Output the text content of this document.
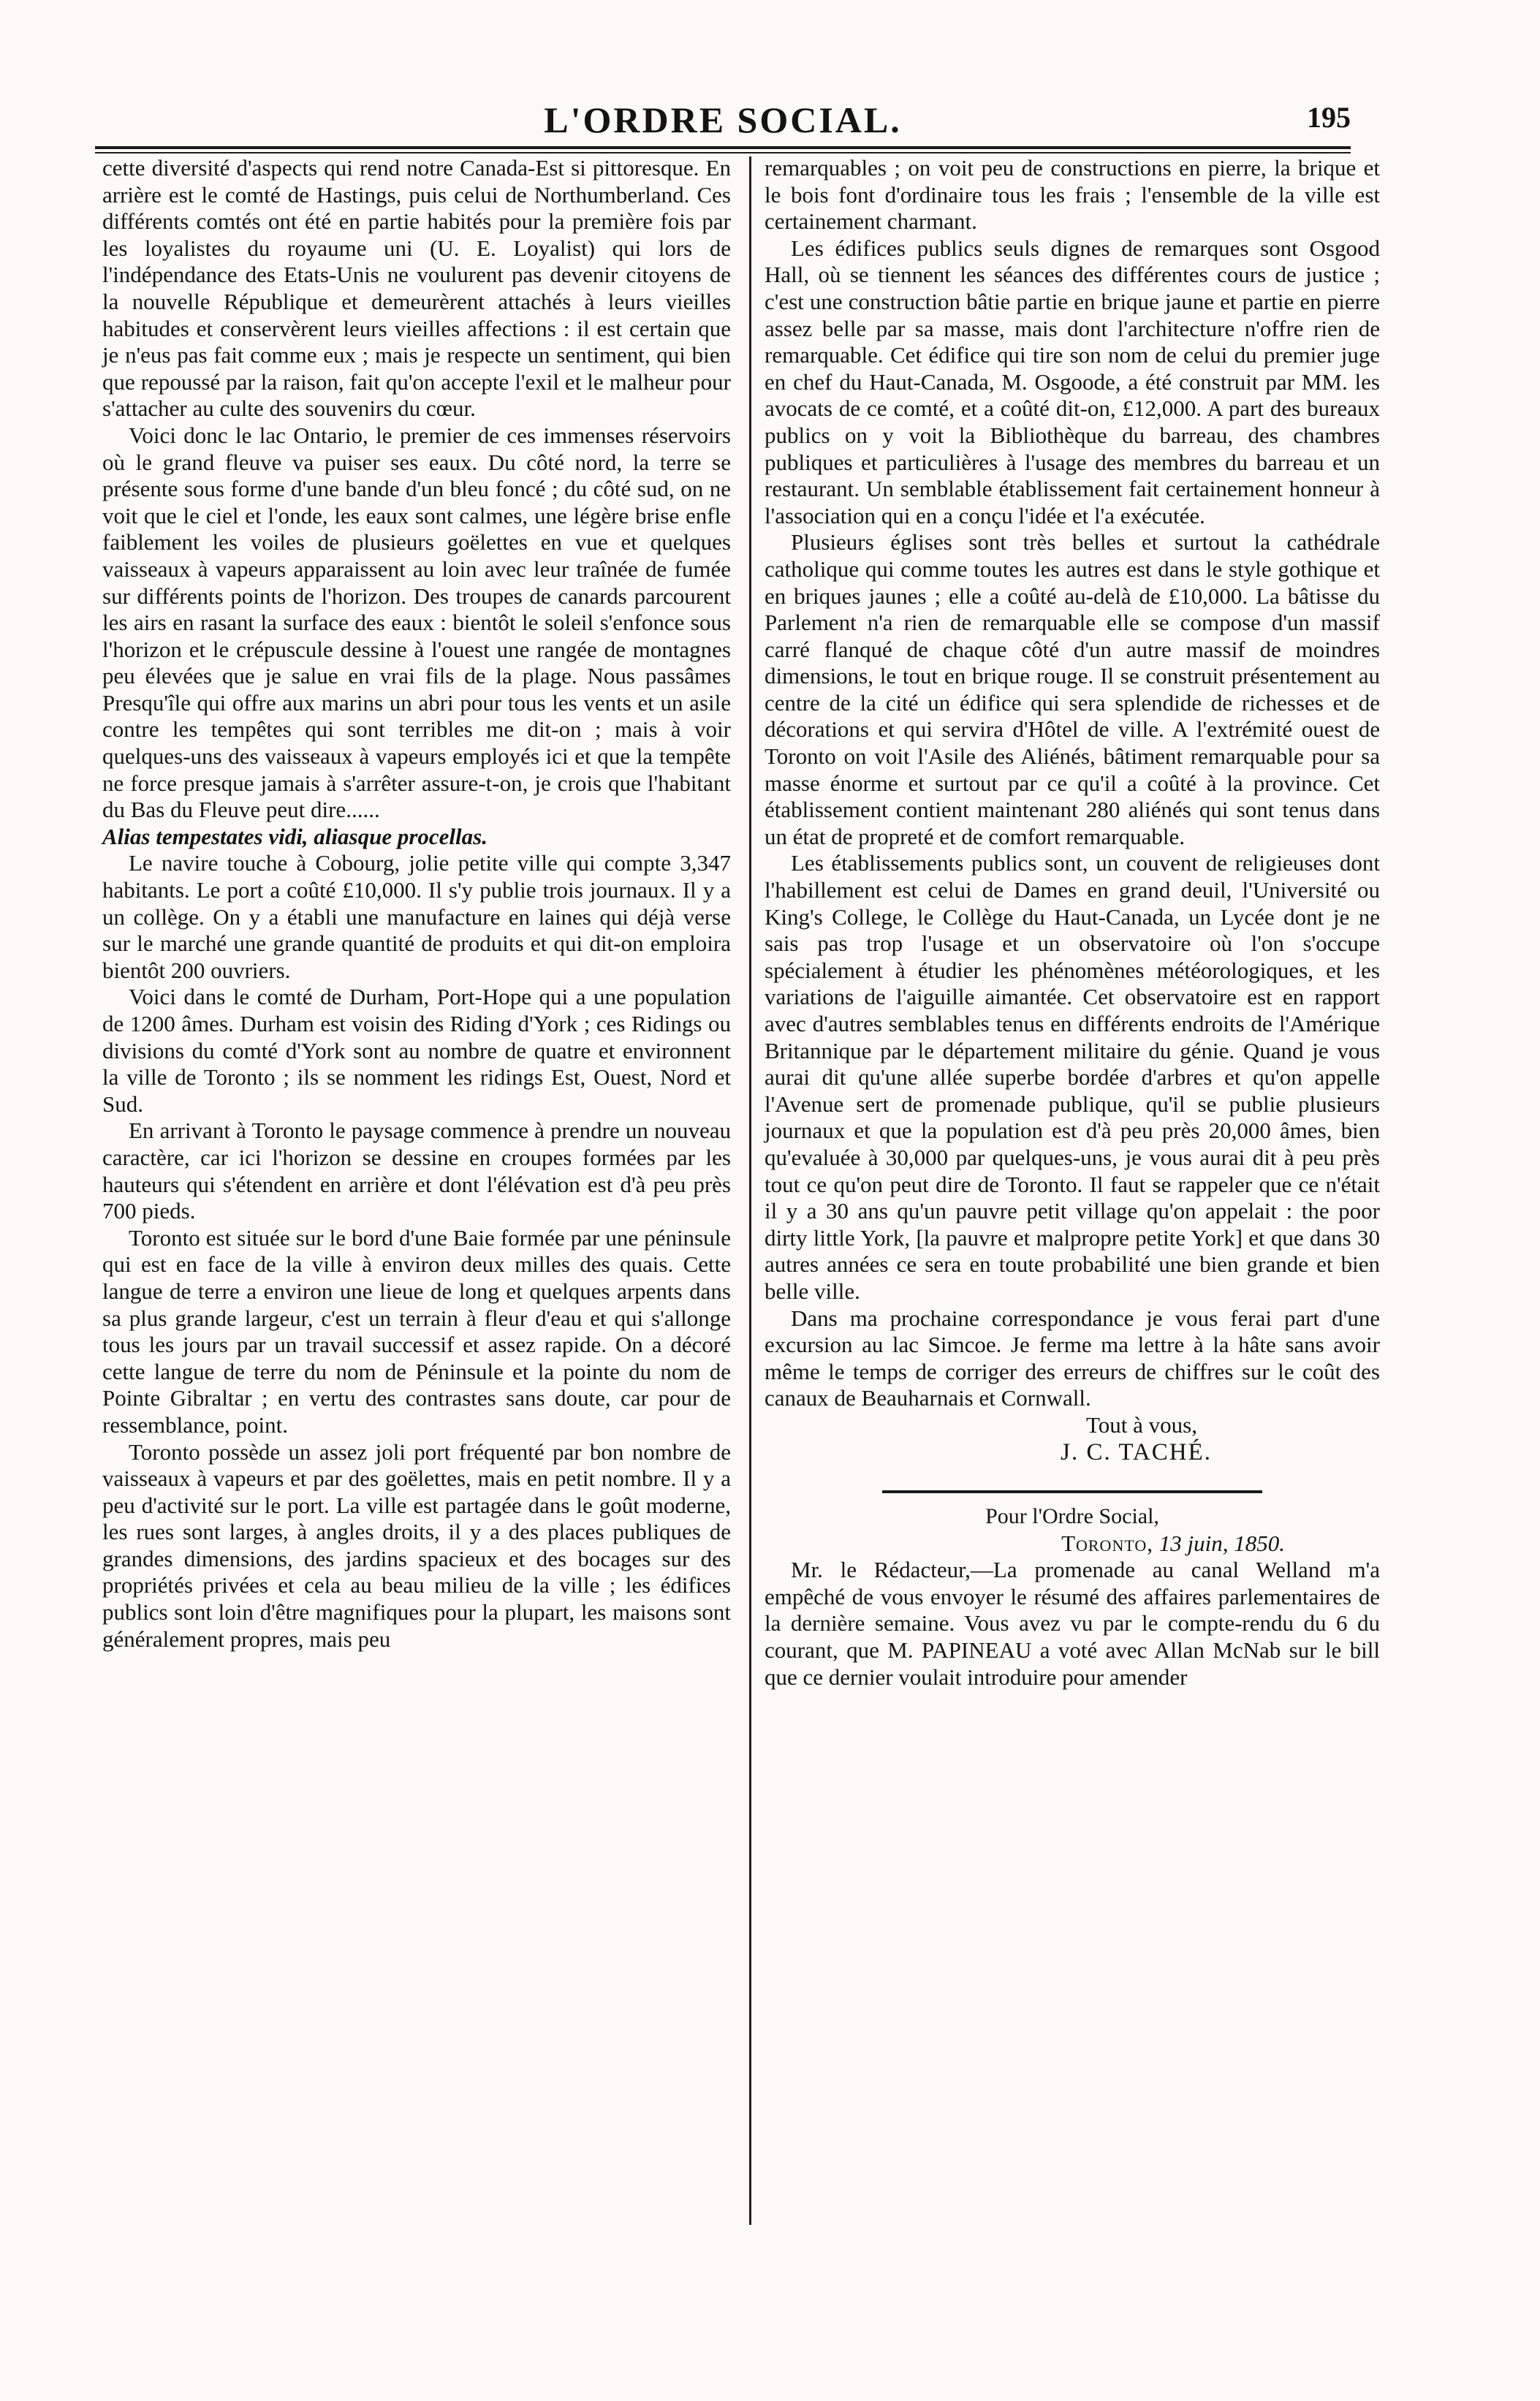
L'ORDRE SOCIAL.	195

cette diversité d'aspects qui rend notre Canada-Est si pittoresque. En arrière est le comté de Hastings, puis celui de Northumberland. Ces différents comtés ont été en partie habités pour la première fois par les loyalistes du royaume uni (U. E. Loyalist) qui lors de l'indépendance des Etats-Unis ne voulurent pas devenir citoyens de la nouvelle République et demeurèrent attachés à leurs vieilles habitudes et conservèrent leurs vieilles affections : il est certain que je n'eus pas fait comme eux ; mais je respecte un sentiment, qui bien que repoussé par la raison, fait qu'on accepte l'exil et le malheur pour s'attacher au culte des souvenirs du cœur.

Voici donc le lac Ontario, le premier de ces immenses réservoirs où le grand fleuve va puiser ses eaux. Du côté nord, la terre se présente sous forme d'une bande d'un bleu foncé ; du côté sud, on ne voit que le ciel et l'onde, les eaux sont calmes, une légère brise enfle faiblement les voiles de plusieurs goëlettes en vue et quelques vaisseaux à vapeurs apparaissent au loin avec leur traînée de fumée sur différents points de l'horizon. Des troupes de canards parcourent les airs en rasant la surface des eaux : bientôt le soleil s'enfonce sous l'horizon et le crépuscule dessine à l'ouest une rangée de montagnes peu élevées que je salue en vrai fils de la plage. Nous passâmes Presqu'île qui offre aux marins un abri pour tous les vents et un asile contre les tempêtes qui sont terribles me dit-on ; mais à voir quelques-uns des vaisseaux à vapeurs employés ici et que la tempête ne force presque jamais à s'arrêter assure-t-on, je crois que l'habitant du Bas du Fleuve peut dire......

Alias tempestates vidi, aliasque procellas.

Le navire touche à Cobourg, jolie petite ville qui compte 3,347 habitants. Le port a coûté £10,000. Il s'y publie trois journaux. Il y a un collège. On y a établi une manufacture en laines qui déjà verse sur le marché une grande quantité de produits et qui dit-on emploira bientôt 200 ouvriers.

Voici dans le comté de Durham, Port-Hope qui a une population de 1200 âmes. Durham est voisin des Riding d'York ; ces Ridings ou divisions du comté d'York sont au nombre de quatre et environnent la ville de Toronto ; ils se nomment les ridings Est, Ouest, Nord et Sud.

En arrivant à Toronto le paysage commence à prendre un nouveau caractère, car ici l'horizon se dessine en croupes formées par les hauteurs qui s'étendent en arrière et dont l'élévation est d'à peu près 700 pieds.

Toronto est située sur le bord d'une Baie formée par une péninsule qui est en face de la ville à environ deux milles des quais. Cette langue de terre a environ une lieue de long et quelques arpents dans sa plus grande largeur, c'est un terrain à fleur d'eau et qui s'allonge tous les jours par un travail successif et assez rapide. On a décoré cette langue de terre du nom de Péninsule et la pointe du nom de Pointe Gibraltar ; en vertu des contrastes sans doute, car pour de ressemblance, point.

Toronto possède un assez joli port fréquenté par bon nombre de vaisseaux à vapeurs et par des goëlettes, mais en petit nombre. Il y a peu d'activité sur le port. La ville est partagée dans le goût moderne, les rues sont larges, à angles droits, il y a des places publiques de grandes dimensions, des jardins spacieux et des bocages sur des propriétés privées et cela au beau milieu de la ville ; les édifices publics sont loin d'être magnifiques pour la plupart, les maisons sont généralement propres, mais peu

remarquables ; on voit peu de constructions en pierre, la brique et le bois font d'ordinaire tous les frais ; l'ensemble de la ville est certainement charmant.

Les édifices publics seuls dignes de remarques sont Osgood Hall, où se tiennent les séances des différentes cours de justice ; c'est une construction bâtie partie en brique jaune et partie en pierre assez belle par sa masse, mais dont l'architecture n'offre rien de remarquable. Cet édifice qui tire son nom de celui du premier juge en chef du Haut-Canada, M. Osgoode, a été construit par MM. les avocats de ce comté, et a coûté dit-on, £12,000. A part des bureaux publics on y voit la Bibliothèque du barreau, des chambres publiques et particulières à l'usage des membres du barreau et un restaurant. Un semblable établissement fait certainement honneur à l'association qui en a conçu l'idée et l'a exécutée.

Plusieurs églises sont très belles et surtout la cathédrale catholique qui comme toutes les autres est dans le style gothique et en briques jaunes ; elle a coûté au-delà de £10,000. La bâtisse du Parlement n'a rien de remarquable elle se compose d'un massif carré flanqué de chaque côté d'un autre massif de moindres dimensions, le tout en brique rouge. Il se construit présentement au centre de la cité un édifice qui sera splendide de richesses et de décorations et qui servira d'Hôtel de ville. A l'extrémité ouest de Toronto on voit l'Asile des Aliénés, bâtiment remarquable pour sa masse énorme et surtout par ce qu'il a coûté à la province. Cet établissement contient maintenant 280 aliénés qui sont tenus dans un état de propreté et de comfort remarquable.

Les établissements publics sont, un couvent de religieuses dont l'habillement est celui de Dames en grand deuil, l'Université ou King's College, le Collège du Haut-Canada, un Lycée dont je ne sais pas trop l'usage et un observatoire où l'on s'occupe spécialement à étudier les phénomènes météorologiques, et les variations de l'aiguille aimantée. Cet observatoire est en rapport avec d'autres semblables tenus en différents endroits de l'Amérique Britannique par le département militaire du génie. Quand je vous aurai dit qu'une allée superbe bordée d'arbres et qu'on appelle l'Avenue sert de promenade publique, qu'il se publie plusieurs journaux et que la population est d'à peu près 20,000 âmes, bien qu'evaluée à 30,000 par quelques-uns, je vous aurai dit à peu près tout ce qu'on peut dire de Toronto. Il faut se rappeler que ce n'était il y a 30 ans qu'un pauvre petit village qu'on appelait : the poor dirty little York, [la pauvre et malpropre petite York] et que dans 30 autres années ce sera en toute probabilité une bien grande et bien belle ville.

Dans ma prochaine correspondance je vous ferai part d'une excursion au lac Simcoe. Je ferme ma lettre à la hâte sans avoir même le temps de corriger des erreurs de chiffres sur le coût des canaux de Beauharnais et Cornwall.

Tout à vous,

J. C. TACHÉ.

Pour l'Ordre Social,

Toronto, 13 juin, 1850.

Mr. le Rédacteur,—La promenade au canal Welland m'a empêché de vous envoyer le résumé des affaires parlementaires de la dernière semaine. Vous avez vu par le compte-rendu du 6 du courant, que M. PAPINEAU a voté avec Allan McNab sur le bill que ce dernier voulait introduire pour amender
